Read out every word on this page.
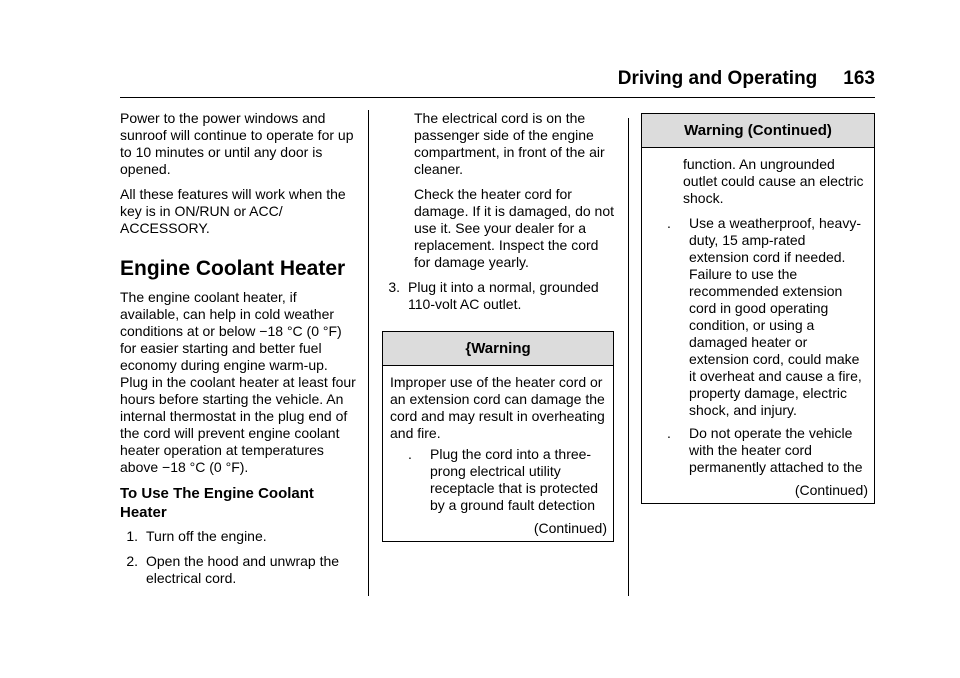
Driving and Operating 163

Power to the power windows and sunroof will continue to operate for up to 10 minutes or until any door is opened.

All these features will work when the key is in ON/RUN or ACC/ ACCESSORY.

Engine Coolant Heater

The engine coolant heater, if available, can help in cold weather conditions at or below −18 °C (0 °F) for easier starting and better fuel economy during engine warm-up. Plug in the coolant heater at least four hours before starting the vehicle. An internal thermostat in the plug end of the cord will prevent engine coolant heater operation at temperatures above −18 °C (0 °F).

To Use The Engine Coolant Heater
1. Turn off the engine.
2. Open the hood and unwrap the electrical cord.

The electrical cord is on the passenger side of the engine compartment, in front of the air cleaner.

Check the heater cord for damage. If it is damaged, do not use it. See your dealer for a replacement. Inspect the cord for damage yearly.

3. Plug it into a normal, grounded 110-volt AC outlet.
{Warning

Improper use of the heater cord or an extension cord can damage the cord and may result in overheating and fire.

.	Plug the cord into a three-prong electrical utility receptacle that is protected by a ground fault detection
(Continued)
Warning (Continued)

function. An ungrounded outlet could cause an electric shock.

.	Use a weatherproof, heavy-duty, 15 amp-rated extension cord if needed. Failure to use the recommended extension cord in good operating condition, or using a damaged heater or extension cord, could make it overheat and cause a fire, property damage, electric shock, and injury.
.	Do not operate the vehicle with the heater cord permanently attached to the
(Continued)
